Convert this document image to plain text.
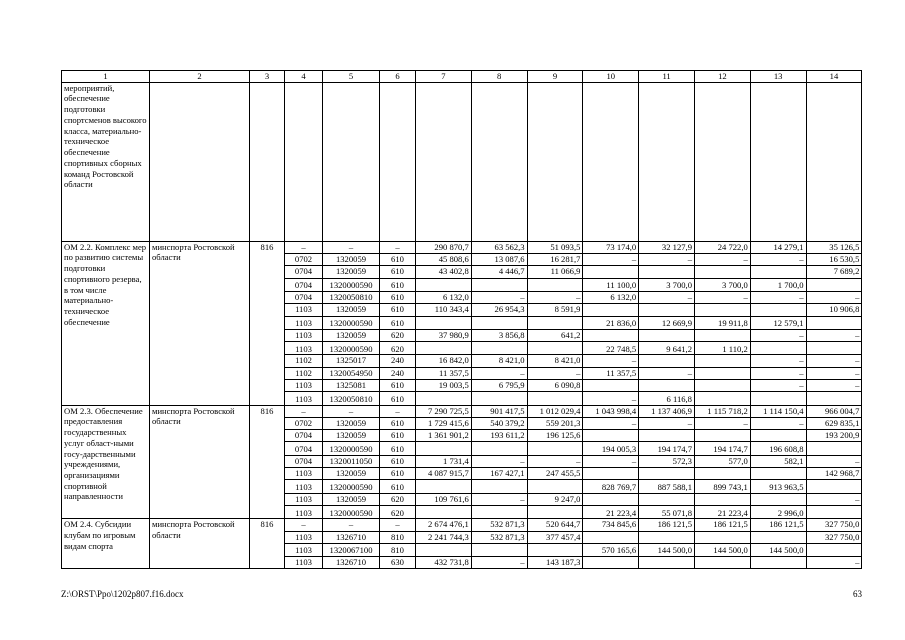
1	2	3	4	5	6	7	8	9	10	11	12	13	14
мероприятий, обеспечение подготовки спортсменов высокого класса, материально-техническое обеспечение спортивных сборных команд Ростовской области													
ОМ 2.2. Комплекс мер по развитию системы подготовки спортивного резерва, в том числе материально-техническое обеспечение	минспорта Ростовской области	816	–	–	–	290 870,7	63 562,3	51 093,5	73 174,0	32 127,9	24 722,0	14 279,1	35 126,5
			0702	1320059	610	45 808,6	13 087,6	16 281,7	–	–	–	–	16 530,5
			0704	1320059	610	43 402,8	4 446,7	11 066,9					7 689,2
			0704	1320000590	610				11 100,0	3 700,0	3 700,0	1 700,0	
			0704	1320050810	610	6 132,0	–	–	6 132,0	–	–	–	–
			1103	1320059	610	110 343,4	26 954,3	8 591,9					10 906,8
			1103	1320000590	610				21 836,0	12 669,9	19 911,8	12 579,1	
			1103	1320059	620	37 980,9	3 856,8	641,2				–	–
			1103	1320000590	620				22 748,5	9 641,2	1 110,2		
			1102	1325017	240	16 842,0	8 421,0	8 421,0	–			–	–
			1102	1320054950	240	11 357,5	–	–	11 357,5	–		–	–
			1103	1325081	610	19 003,5	6 795,9	6 090,8				–	–
			1103	1320050810	610				–	6 116,8			
ОМ 2.3. Обеспечение предоставления государственных услуг област-ными госу-дарственными учреждениями, организациями спортивной направленности	минспорта Ростовской области	816	–	–	–	7 290 725,5	901 417,5	1 012 029,4	1 043 998,4	1 137 406,9	1 115 718,2	1 114 150,4	966 004,7
			0702	1320059	610	1 729 415,6	540 379,2	559 201,3	–	–	–	–	629 835,1
			0704	1320059	610	1 361 901,2	193 611,2	196 125,6					193 200,9
			0704	1320000590	610				194 005,3	194 174,7	194 174,7	196 608,8	
			0704	1320011050	610	1 731,4	–	–	–	572,3	577,0	582,1	–
			1103	1320059	610	4 087 915,7	167 427,1	247 455,5					142 968,7
			1103	1320000590	610				828 769,7	887 588,1	899 743,1	913 963,5	
			1103	1320059	620	109 761,6	–	9 247,0					–
			1103	1320000590	620				21 223,4	55 071,8	21 223,4	2 996,0	
ОМ 2.4. Субсидии клубам по игровым видам спорта	минспорта Ростовской области	816	–	–	–	2 674 476,1	532 871,3	520 644,7	734 845,6	186 121,5	186 121,5	186 121,5	327 750,0
			1103	1326710	810	2 241 744,3	532 871,3	377 457,4					327 750,0
			1103	1320067100	810				570 165,6	144 500,0	144 500,0	144 500,0	
			1103	1326710	630	432 731,8	–	143 187,3					–
Z:\ORST\Ppo\1202p807.f16.docx	63
